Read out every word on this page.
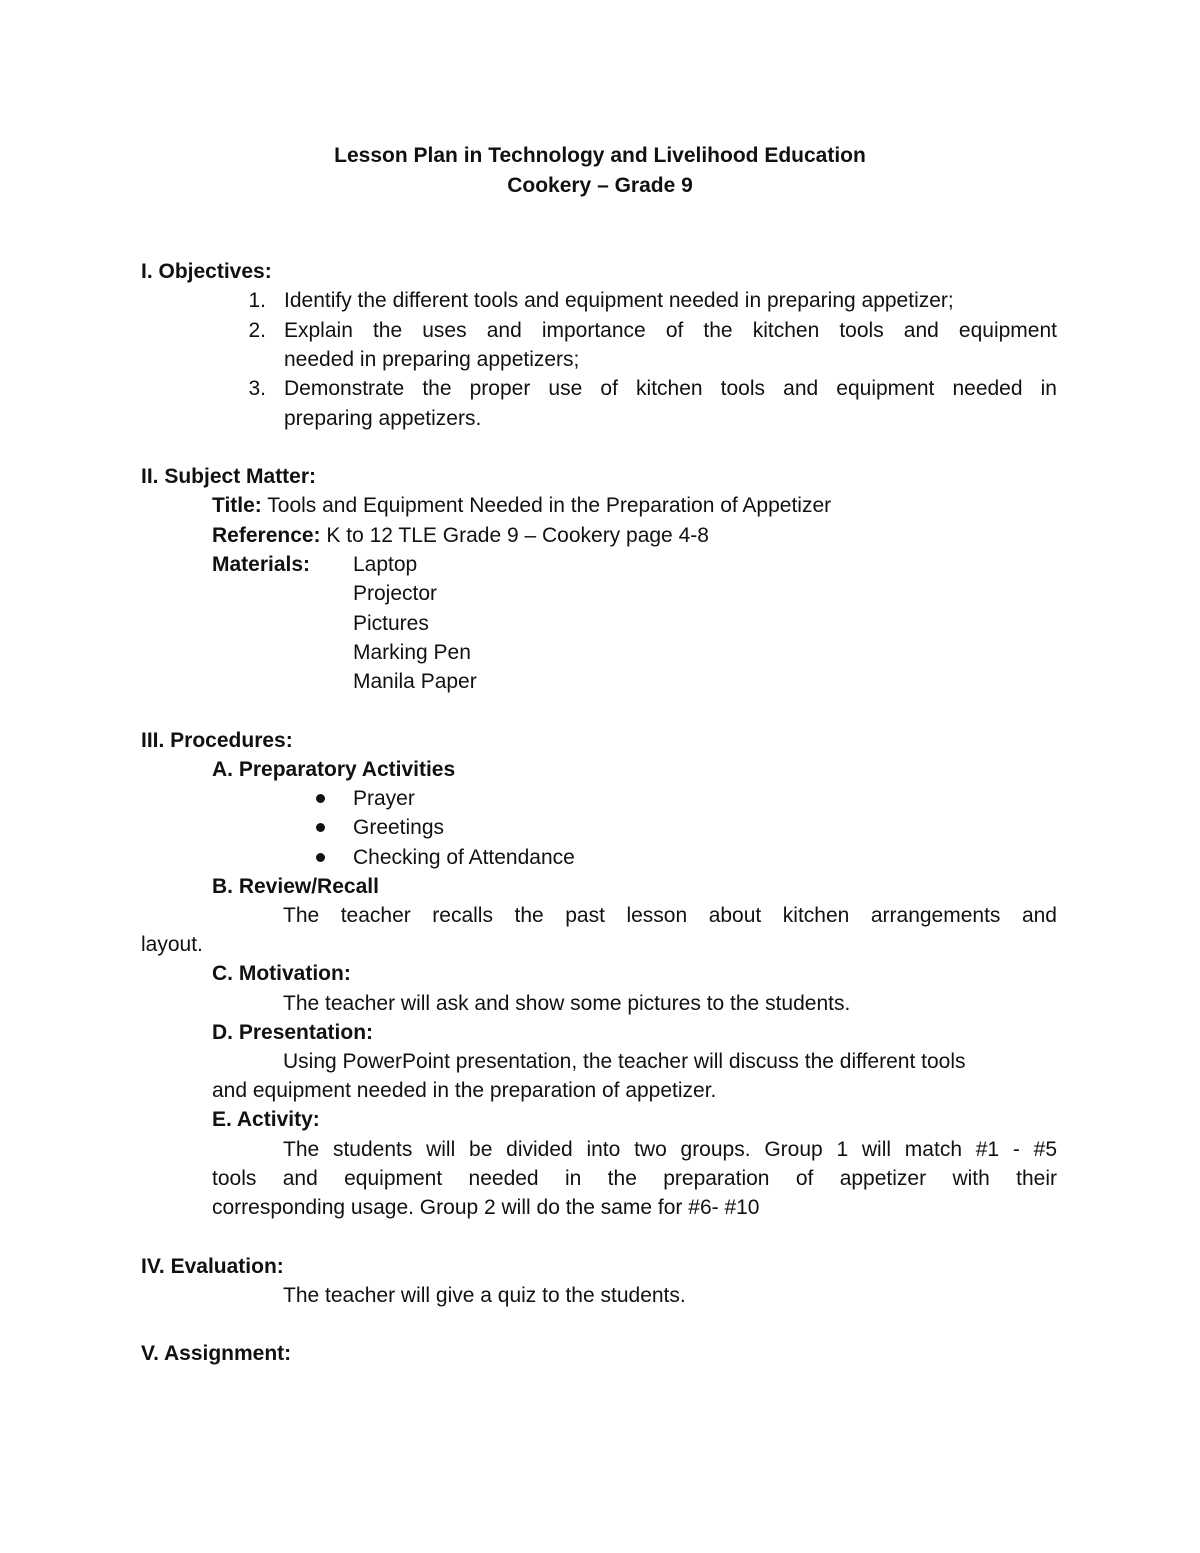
Lesson Plan in Technology and Livelihood Education
Cookery – Grade 9
I. Objectives:
1. Identify the different tools and equipment needed in preparing appetizer;
2. Explain the uses and importance of the kitchen tools and equipment
needed in preparing appetizers;
3. Demonstrate the proper use of kitchen tools and equipment needed in
preparing appetizers.
II. Subject Matter:
Title: Tools and Equipment Needed in the Preparation of Appetizer
Reference: K to 12 TLE Grade 9 – Cookery page 4-8
Materials: Laptop
Projector
Pictures
Marking Pen
Manila Paper
III. Procedures:
A. Preparatory Activities
Prayer
Greetings
Checking of Attendance
B. Review/Recall
The teacher recalls the past lesson about kitchen arrangements and
layout.
C. Motivation:
The teacher will ask and show some pictures to the students.
D. Presentation:
Using PowerPoint presentation, the teacher will discuss the different tools
and equipment needed in the preparation of appetizer.
E. Activity:
The students will be divided into two groups. Group 1 will match #1 - #5
tools and equipment needed in the preparation of appetizer with their
corresponding usage. Group 2 will do the same for #6- #10
IV. Evaluation:
The teacher will give a quiz to the students.
V. Assignment:
